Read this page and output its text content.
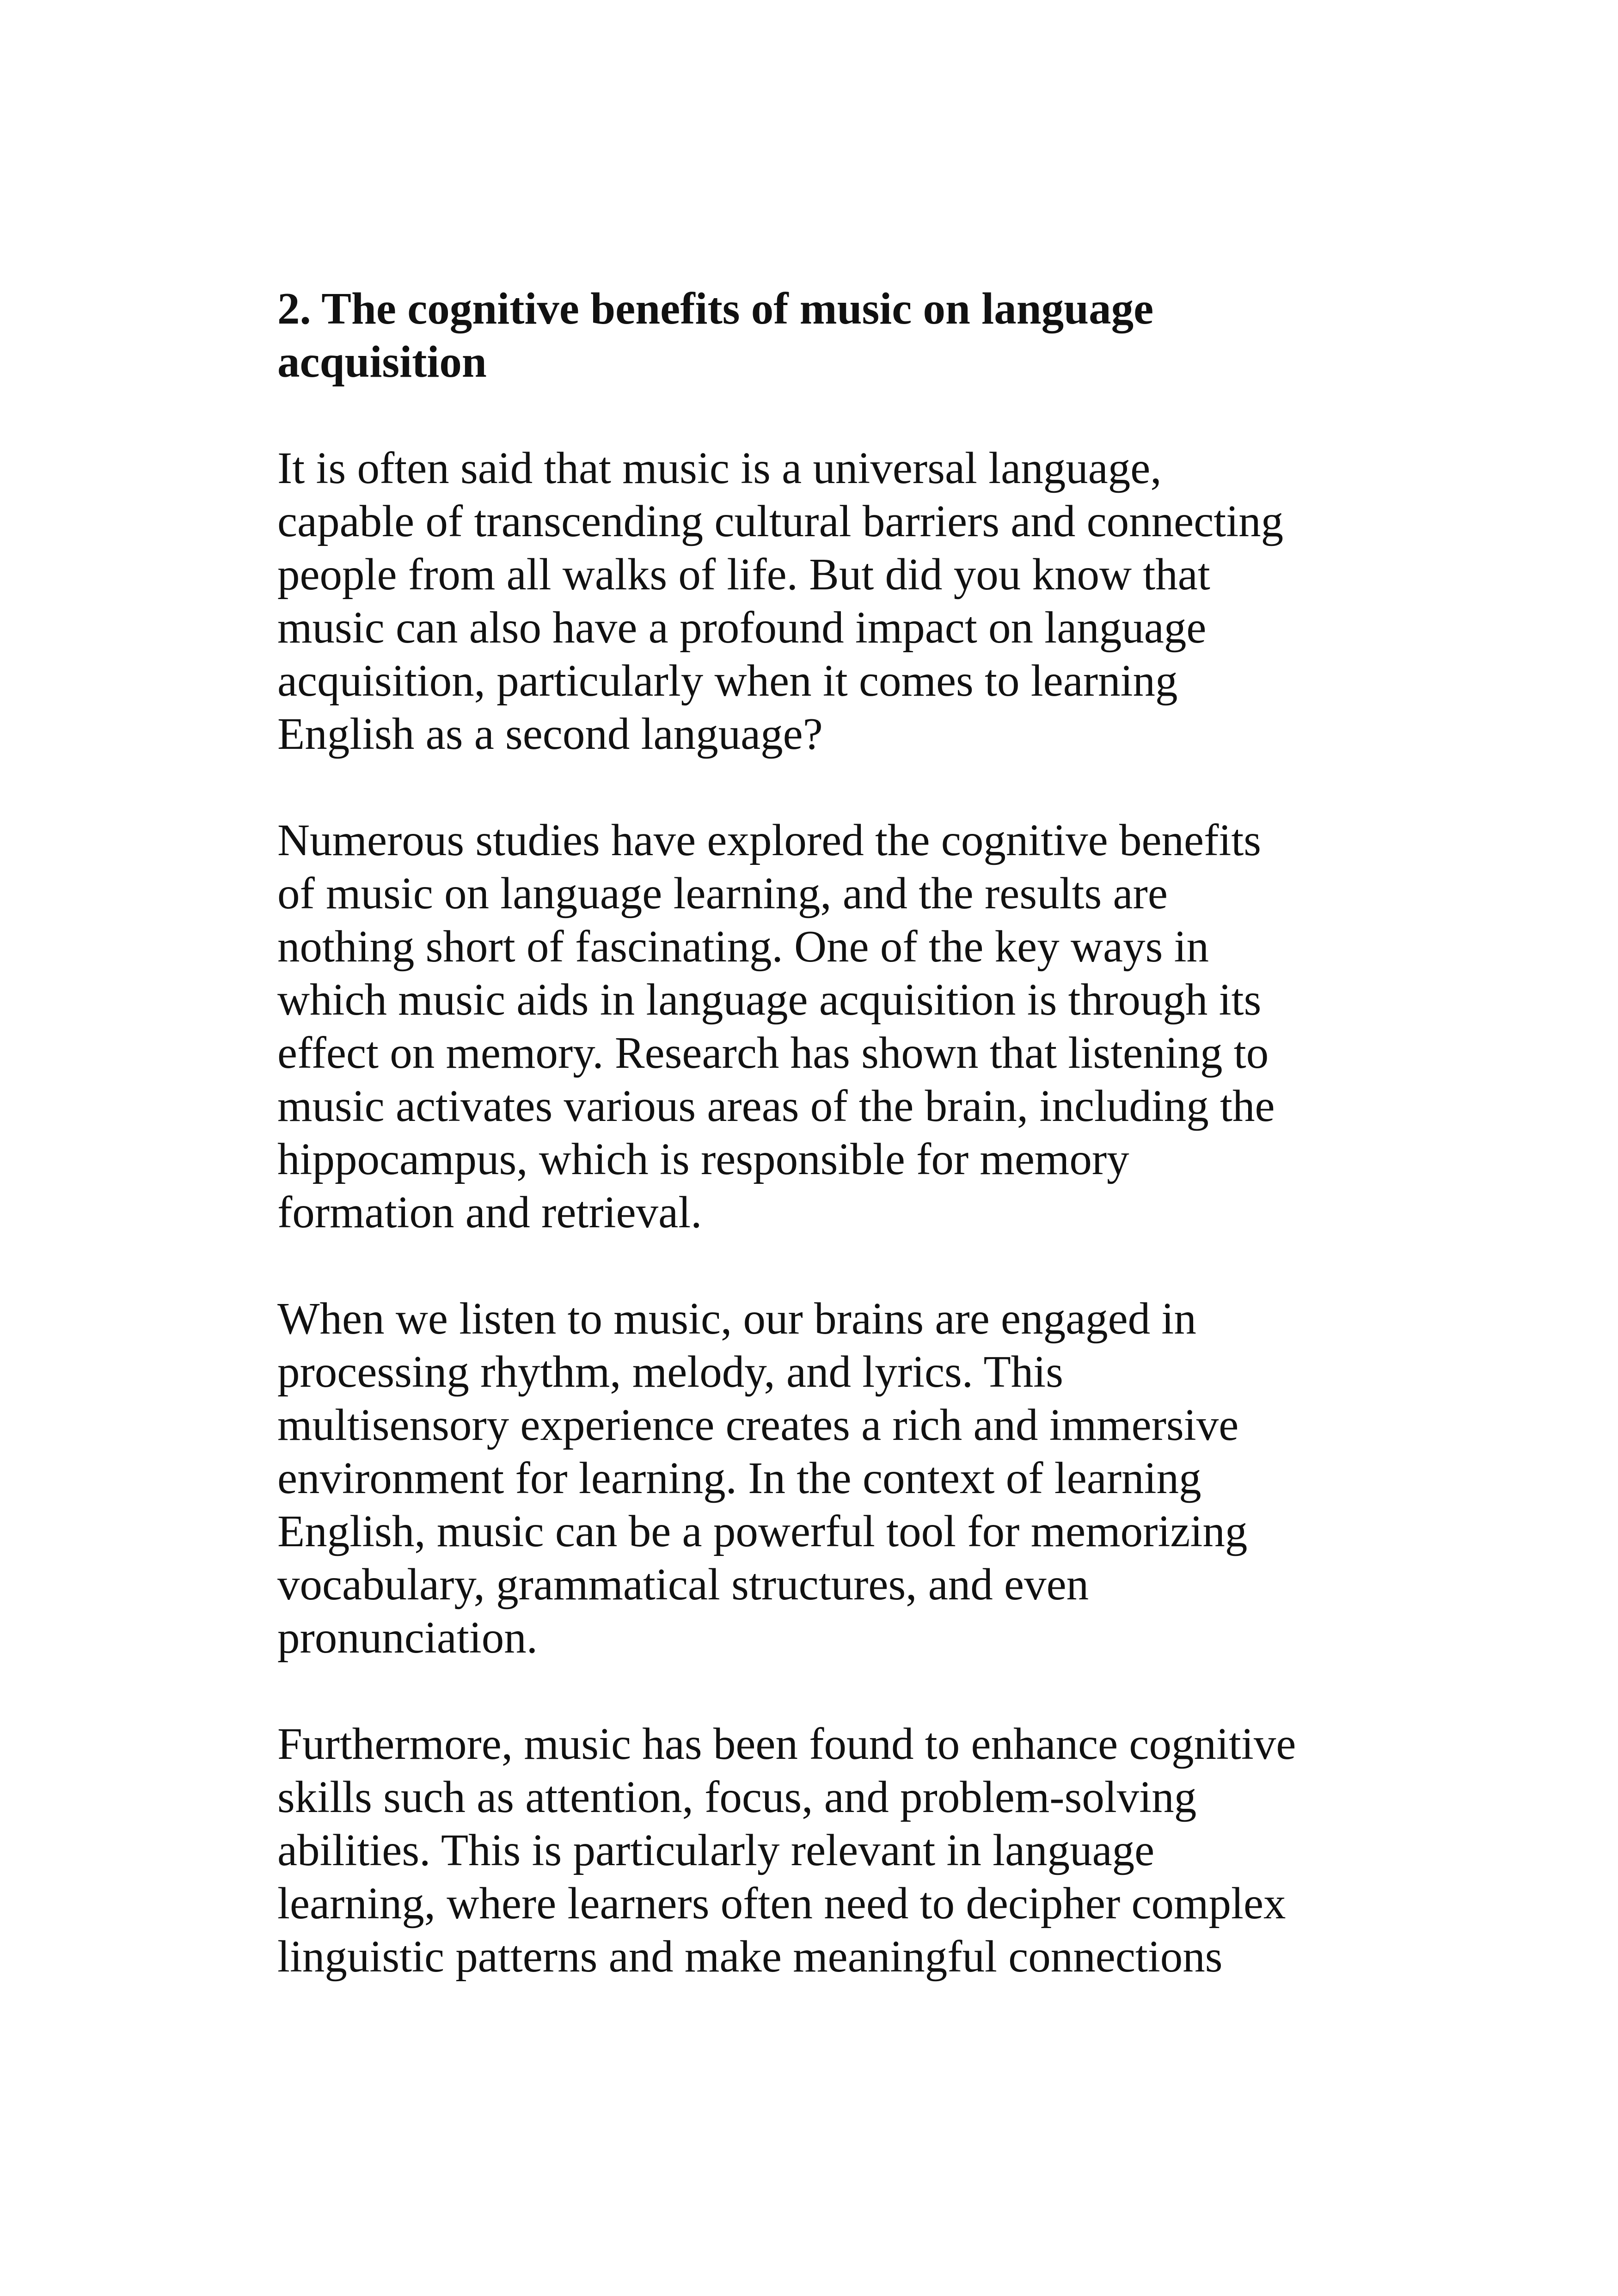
2. The cognitive benefits of music on language
acquisition

It is often said that music is a universal language,
capable of transcending cultural barriers and connecting
people from all walks of life. But did you know that
music can also have a profound impact on language
acquisition, particularly when it comes to learning
English as a second language?

Numerous studies have explored the cognitive benefits
of music on language learning, and the results are
nothing short of fascinating. One of the key ways in
which music aids in language acquisition is through its
effect on memory. Research has shown that listening to
music activates various areas of the brain, including the
hippocampus, which is responsible for memory
formation and retrieval.

When we listen to music, our brains are engaged in
processing rhythm, melody, and lyrics. This
multisensory experience creates a rich and immersive
environment for learning. In the context of learning
English, music can be a powerful tool for memorizing
vocabulary, grammatical structures, and even
pronunciation.

Furthermore, music has been found to enhance cognitive
skills such as attention, focus, and problem-solving
abilities. This is particularly relevant in language
learning, where learners often need to decipher complex
linguistic patterns and make meaningful connections
